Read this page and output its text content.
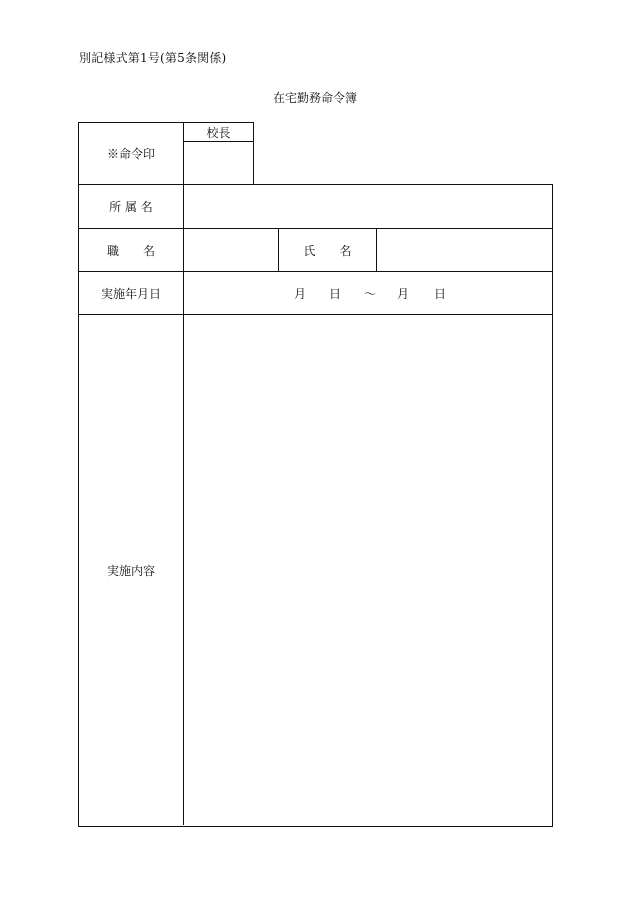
別記様式第1号(第5条関係)
在宅勤務命令簿
※命令印
校長
所 属 名
職　　名	氏　　名
実施年月日	月 日 〜 月 日
実施内容
